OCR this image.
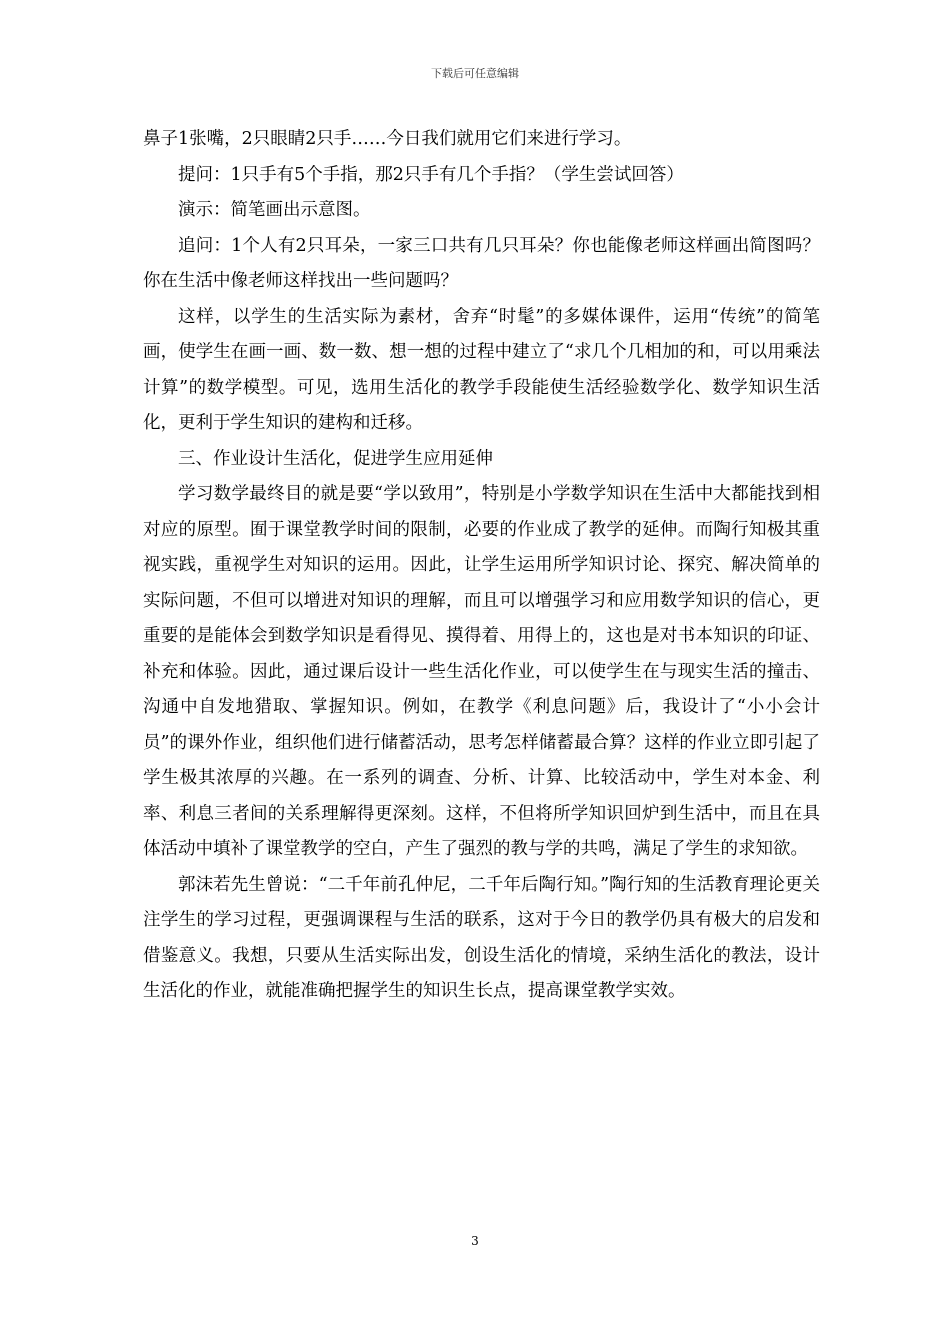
下载后可任意编辑

鼻子1张嘴，2只眼睛2只手……今日我们就用它们来进行学习。

提问：1只手有5个手指，那2只手有几个手指？（学生尝试回答）

演示：简笔画出示意图。

追问：1个人有2只耳朵，一家三口共有几只耳朵？你也能像老师这样画出简图吗？你在生活中像老师这样找出一些问题吗？

这样，以学生的生活实际为素材，舍弃“时髦”的多媒体课件，运用“传统”的简笔画，使学生在画一画、数一数、想一想的过程中建立了“求几个几相加的和，可以用乘法计算”的数学模型。可见，选用生活化的教学手段能使生活经验数学化、数学知识生活化，更利于学生知识的建构和迁移。

三、作业设计生活化，促进学生应用延伸

学习数学最终目的就是要“学以致用”，特别是小学数学知识在生活中大都能找到相对应的原型。囿于课堂教学时间的限制，必要的作业成了教学的延伸。而陶行知极其重视实践，重视学生对知识的运用。因此，让学生运用所学知识讨论、探究、解决简单的实际问题，不但可以增进对知识的理解，而且可以增强学习和应用数学知识的信心，更重要的是能体会到数学知识是看得见、摸得着、用得上的，这也是对书本知识的印证、补充和体验。因此，通过课后设计一些生活化作业，可以使学生在与现实生活的撞击、沟通中自发地猎取、掌握知识。例如，在教学《利息问题》后，我设计了“小小会计员”的课外作业，组织他们进行储蓄活动，思考怎样储蓄最合算？这样的作业立即引起了学生极其浓厚的兴趣。在一系列的调查、分析、计算、比较活动中，学生对本金、利率、利息三者间的关系理解得更深刻。这样，不但将所学知识回炉到生活中，而且在具体活动中填补了课堂教学的空白，产生了强烈的教与学的共鸣，满足了学生的求知欲。

郭沫若先生曾说：“二千年前孔仲尼，二千年后陶行知。”陶行知的生活教育理论更关注学生的学习过程，更强调课程与生活的联系，这对于今日的教学仍具有极大的启发和借鉴意义。我想，只要从生活实际出发，创设生活化的情境，采纳生活化的教法，设计生活化的作业，就能准确把握学生的知识生长点，提高课堂教学实效。

3
